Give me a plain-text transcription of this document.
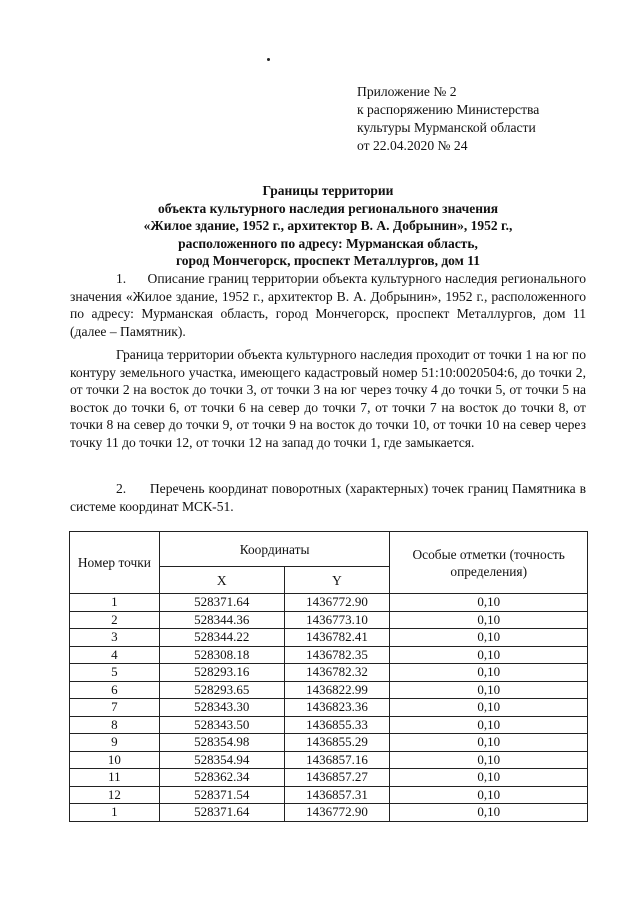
Приложение № 2
к распоряжению Министерства
культуры Мурманской области
от 22.04.2020 № 24
Границы территории
объекта культурного наследия регионального значения
«Жилое здание, 1952 г., архитектор В. А. Добрынин», 1952 г.,
расположенного по адресу: Мурманская область,
город Мончегорск, проспект Металлургов, дом 11
1.      Описание границ территории объекта культурного наследия регионального значения «Жилое здание, 1952 г., архитектор В. А. Добрынин», 1952 г., расположенного по адресу: Мурманская область, город Мончегорск, проспект Металлургов, дом 11 (далее – Памятник).
Граница территории объекта культурного наследия проходит от точки 1 на юг по контуру земельного участка, имеющего кадастровый номер 51:10:0020504:6, до точки 2, от точки 2 на восток до точки 3, от точки 3 на юг через точку 4 до точки 5, от точки 5 на восток до точки 6, от точки 6 на север до точки 7, от точки 7 на восток до точки 8, от точки 8 на север до точки 9, от точки 9 на восток до точки 10, от точки 10 на север через точку 11 до точки 12, от точки 12 на запад до точки 1, где замыкается.
2.      Перечень координат поворотных (характерных) точек границ Памятника в системе координат МСК-51.
Номер точки	Координаты		Особые отметки (точность определения)
	X	Y	
1	528371.64	1436772.90	0,10
2	528344.36	1436773.10	0,10
3	528344.22	1436782.41	0,10
4	528308.18	1436782.35	0,10
5	528293.16	1436782.32	0,10
6	528293.65	1436822.99	0,10
7	528343.30	1436823.36	0,10
8	528343.50	1436855.33	0,10
9	528354.98	1436855.29	0,10
10	528354.94	1436857.16	0,10
11	528362.34	1436857.27	0,10
12	528371.54	1436857.31	0,10
1	528371.64	1436772.90	0,10
